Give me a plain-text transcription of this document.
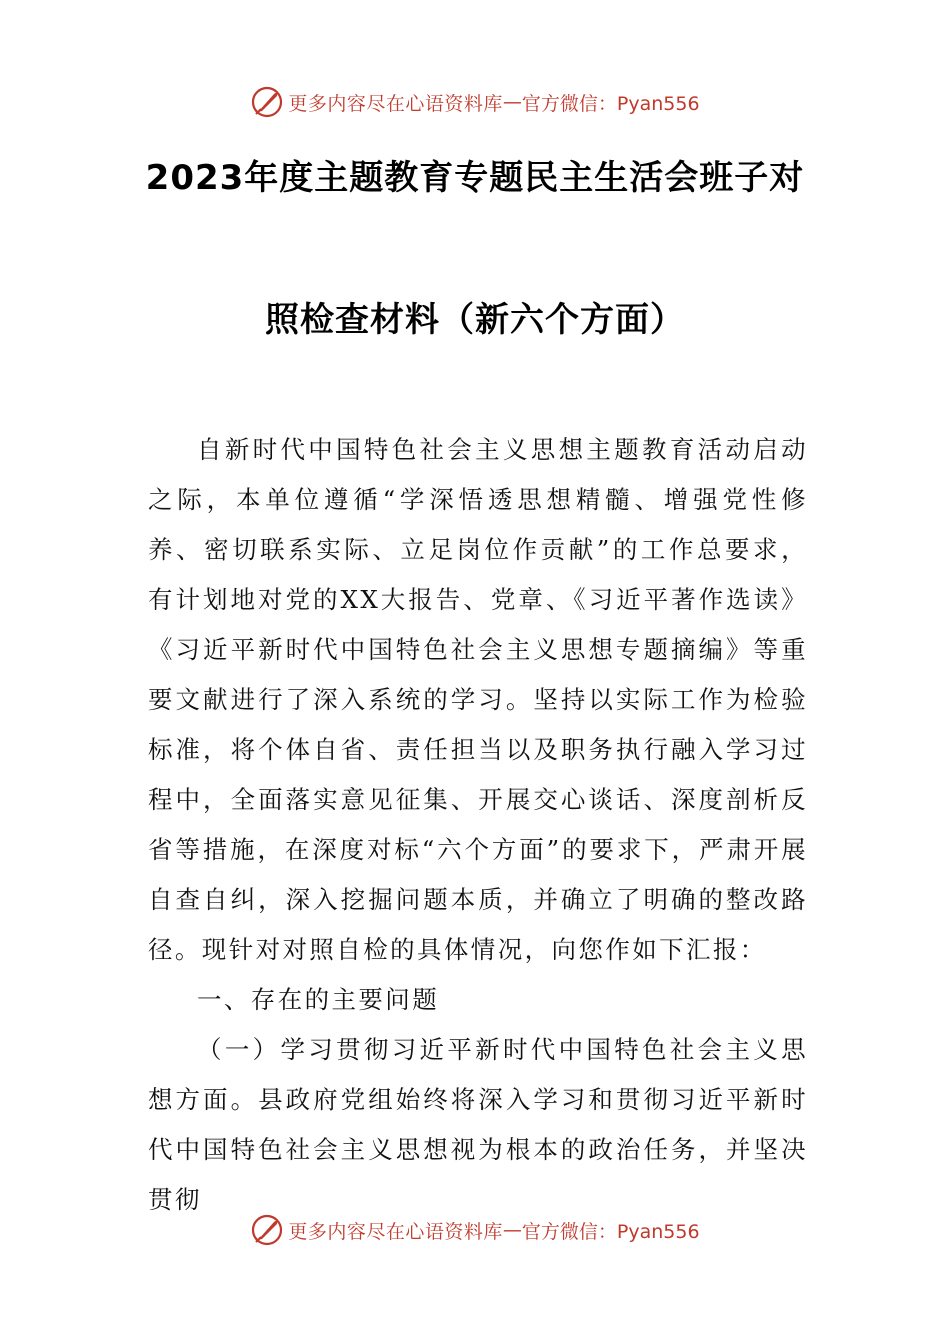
更多内容尽在心语资料库 — 官方微信：Pyan556
2023年度主题教育专题民主生活会班子对
照检查材料（新六个方面）

自新时代中国特色社会主义思想主题教育活动启动之际，本单位遵循“学深悟透思想精髓、增强党性修养、密切联系实际、立足岗位作贡献”的工作总要求，有计划地对党的XX大报告、党章、《习近平著作选读》《习近平新时代中国特色社会主义思想专题摘编》等重要文献进行了深入系统的学习。坚持以实际工作为检验标准，将个体自省、责任担当以及职务执行融入学习过程中，全面落实意见征集、开展交心谈话、深度剖析反省等措施，在深度对标“六个方面”的要求下，严肃开展自查自纠，深入挖掘问题本质，并确立了明确的整改路径。现针对对照自检的具体情况，向您作如下汇报：

一、存在的主要问题

（一）学习贯彻习近平新时代中国特色社会主义思想方面。县政府党组始终将深入学习和贯彻习近平新时代中国特色社会主义思想视为根本的政治任务，并坚决贯彻

更多内容尽在心语资料库 — 官方微信：Pyan556
